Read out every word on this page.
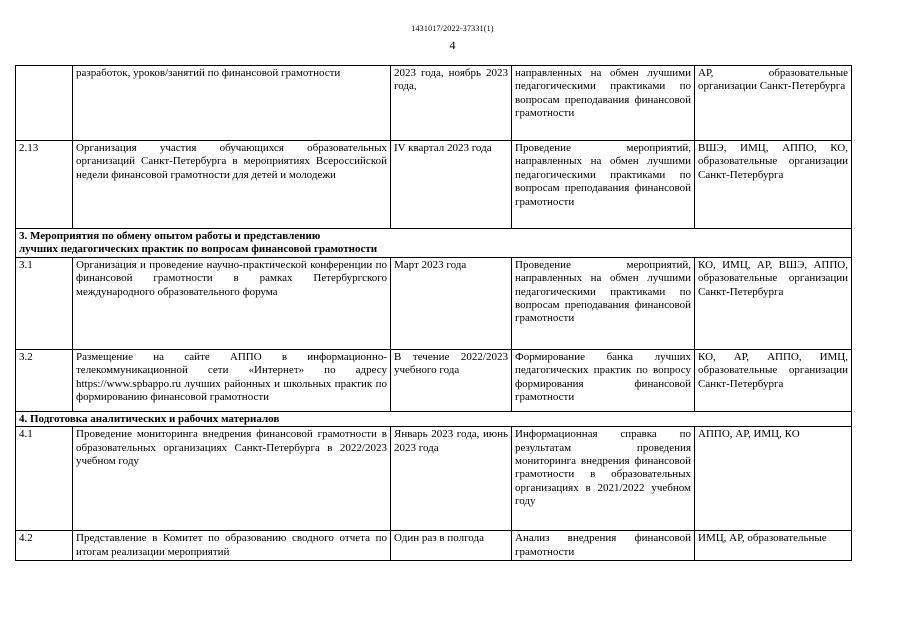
1431017/2022-37331(1)
4
	разработок, уроков/занятий по финансовой грамотности	2023 года, ноябрь 2023 года,	направленных на обмен лучшими педагогическими практиками по вопросам преподавания финансовой грамотности	АР, образовательные организации Санкт-Петербурга
2.13	Организация участия обучающихся образовательных организаций Санкт-Петербурга в мероприятиях Всероссийской недели финансовой грамотности для детей и молодежи	IV квартал 2023 года	Проведение мероприятий, направленных на обмен лучшими педагогическими практиками по вопросам преподавания финансовой грамотности	ВШЭ, ИМЦ, АППО, КО, образовательные организации Санкт-Петербурга

3. Мероприятия по обмену опытом работы и представлению
лучших педагогических практик по вопросам финансовой грамотности				

3.1	Организация и проведение научно-практической конференции по финансовой грамотности в рамках Петербургского международного образовательного форума	Март 2023 года	Проведение мероприятий, направленных на обмен лучшими педагогическими практиками по вопросам преподавания финансовой грамотности	КО, ИМЦ, АР, ВШЭ, АППО, образовательные организации Санкт-Петербурга
3.2	Размещение на сайте АППО в информационно-телекоммуникационной сети «Интернет» по адресу https://www.spbappo.ru лучших районных и школьных практик по формированию финансовой грамотности	В течение 2022/2023 учебного года	Формирование банка лучших педагогических практик по вопросу формирования финансовой грамотности	КО, АР, АППО, ИМЦ, образовательные организации Санкт-Петербурга
4. Подготовка аналитических и рабочих материалов				
4.1	Проведение мониторинга внедрения финансовой грамотности в образовательных организациях Санкт-Петербурга в 2022/2023 учебном году	Январь 2023 года, июнь 2023 года	Информационная справка по результатам проведения мониторинга внедрения финансовой грамотности в образовательных организациях в 2021/2022 учебном году	АППО, АР, ИМЦ, КО
4.2	Представление в Комитет по образованию сводного отчета по итогам реализации мероприятий	Один раз в полгода	Анализ внедрения финансовой грамотности	ИМЦ, АР, образовательные
